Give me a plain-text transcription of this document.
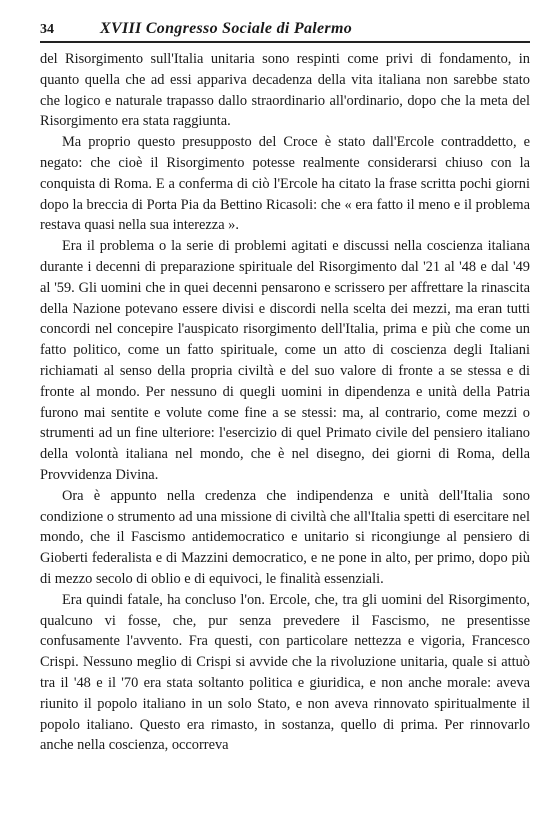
34	XVIII Congresso Sociale di Palermo

del Risorgimento sull'Italia unitaria sono respinti come privi di fondamento, in quanto quella che ad essi appariva decadenza della vita italiana non sarebbe stato che logico e naturale trapasso dallo straordinario all'ordinario, dopo che la meta del Risorgimento era stata raggiunta.

Ma proprio questo presupposto del Croce è stato dall'Ercole contraddetto, e negato: che cioè il Risorgimento potesse realmente considerarsi chiuso con la conquista di Roma. E a conferma di ciò l'Ercole ha citato la frase scritta pochi giorni dopo la breccia di Porta Pia da Bettino Ricasoli: che « era fatto il meno e il problema restava quasi nella sua interezza ».

Era il problema o la serie di problemi agitati e discussi nella coscienza italiana durante i decenni di preparazione spirituale del Risorgimento dal '21 al '48 e dal '49 al '59. Gli uomini che in quei decenni pensarono e scrissero per affrettare la rinascita della Nazione potevano essere divisi e discordi nella scelta dei mezzi, ma eran tutti concordi nel concepire l'auspicato risorgimento dell'Italia, prima e più che come un fatto politico, come un fatto spirituale, come un atto di coscienza degli Italiani richiamati al senso della propria civiltà e del suo valore di fronte a se stessa e di fronte al mondo. Per nessuno di quegli uomini in dipendenza e unità della Patria furono mai sentite e volute come fine a se stessi: ma, al contrario, come mezzi o strumenti ad un fine ulteriore: l'esercizio di quel Primato civile del pensiero italiano della volontà italiana nel mondo, che è nel disegno, dei giorni di Roma, della Provvidenza Divina.

Ora è appunto nella credenza che indipendenza e unità dell'Italia sono condizione o strumento ad una missione di civiltà che all'Italia spetti di esercitare nel mondo, che il Fascismo antidemocratico e unitario si ricongiunge al pensiero di Gioberti federalista e di Mazzini democratico, e ne pone in alto, per primo, dopo più di mezzo secolo di oblio e di equivoci, le finalità essenziali.

Era quindi fatale, ha concluso l'on. Ercole, che, tra gli uomini del Risorgimento, qualcuno vi fosse, che, pur senza prevedere il Fascismo, ne presentisse confusamente l'avvento. Fra questi, con particolare nettezza e vigoria, Francesco Crispi. Nessuno meglio di Crispi si avvide che la rivoluzione unitaria, quale si attuò tra il '48 e il '70 era stata soltanto politica e giuridica, e non anche morale: aveva riunito il popolo italiano in un solo Stato, e non aveva rinnovato spiritualmente il popolo italiano. Questo era rimasto, in sostanza, quello di prima. Per rinnovarlo anche nella coscienza, occorreva
